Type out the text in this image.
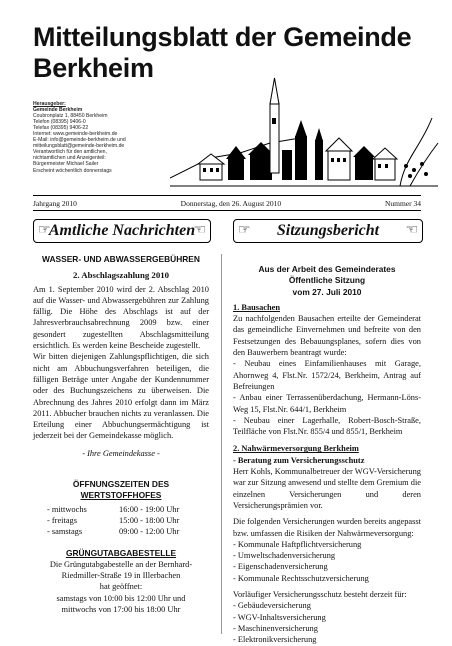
Mitteilungsblatt der Gemeinde
Berkheim
Herausgeber:
Gemeinde Berkheim
Coubronplatz 1, 88450 Berkheim
Telefon (08395) 9406-0
Telefax (08395) 9406-22
Internet: www.gemeinde-berkheim.de
E-Mail: info@gemeinde-berkheim.de und
mitteilungsblatt@gemeinde-berkheim.de
Verantwortlich für den amtlichen,
nichtamtlichen und Anzeigenteil:
Bürgermeister Michael Sailer
Erscheint wöchentlich donnerstags
Jahrgang 2010	Donnerstag, den 26. August 2010	Nummer 34
☞
Amtliche Nachrichten
☜ ☞ Sitzungsbericht ☜
WASSER- UND ABWASSERGEBÜHREN
2. Abschlagszahlung 2010

Am 1. September 2010 wird der 2. Abschlag 2010 auf die Wasser- und Abwassergebühren zur Zahlung fällig. Die Höhe des Abschlags ist auf der Jahresverbrauchsabrechnung 2009 bzw. einer gesondert zugestellten Abschlagsmitteilung ersichtlich. Es werden keine Bescheide zugestellt.

Wir bitten diejenigen Zahlungspflichtigen, die sich nicht am Abbuchungsverfahren beteiligen, die fälligen Beträge unter Angabe der Kundennummer oder des Buchungszeichens zu überweisen. Die Abrechnung des Jahres 2010 erfolgt dann im März 2011. Abbucher brauchen nichts zu veranlassen. Die Erteilung einer Abbuchungsermächtigung ist jederzeit bei der Gemeindekasse möglich.

- Ihre Gemeindekasse -

ÖFFNUNGSZEITEN DES
WERTSTOFFHOFES
- mittwochs	16:00 - 19:00 Uhr
- freitags	15:00 - 18:00 Uhr
- samstags	09:00 - 12:00 Uhr
GRÜNGUTABGABESTELLE
Die Grüngutabgabestelle an der Bernhard-
Riedmiller-Straße 19 in Illerbachen
hat geöffnet:
samstags von 10:00 bis 12:00 Uhr und
mittwochs von 17:00 bis 18:00 Uhr
Aus der Arbeit des Gemeinderates
Öffentliche Sitzung
vom 27. Juli 2010
1. Bausachen

Zu nachfolgenden Bausachen erteilte der Gemeinderat das gemeindliche Einvernehmen und befreite von den Festsetzungen des Bebauungsplanes, sofern dies von den Bauwerbern beantragt wurde:

- Neubau eines Einfamilienhauses mit Garage, Ahornweg 4, Flst.Nr. 1572/24, Berkheim, Antrag auf Befreiungen

- Anbau einer Terrassenüberdachung, Hermann-Löns-Weg 15, Flst.Nr. 644/1, Berkheim

- Neubau einer Lagerhalle, Robert-Bosch-Straße, Teilfläche von Flst.Nr. 855/4 und 855/1, Berkheim

2. Nahwärmeversorgung Berkheim
- Beratung zum Versicherungsschutz

Herr Kohls, Kommunalbetreuer der WGV-Versicherung war zur Sitzung anwesend und stellte dem Gremium die einzelnen Versicherungen und deren Versicherungsprämien vor.

Die folgenden Versicherungen wurden bereits angepasst bzw. umfassen die Risiken der Nahwärmeversorgung:

- Kommunale Haftpflichtversicherung

- Umweltschadenversicherung

- Eigenschadenversicherung

- Kommunale Rechtsschutzversicherung

Vorläufiger Versicherungsschutz besteht derzeit für:

- Gebäudeversicherung

- WGV-Inhaltsversicherung

- Maschinenversicherung

- Elektronikversicherung
